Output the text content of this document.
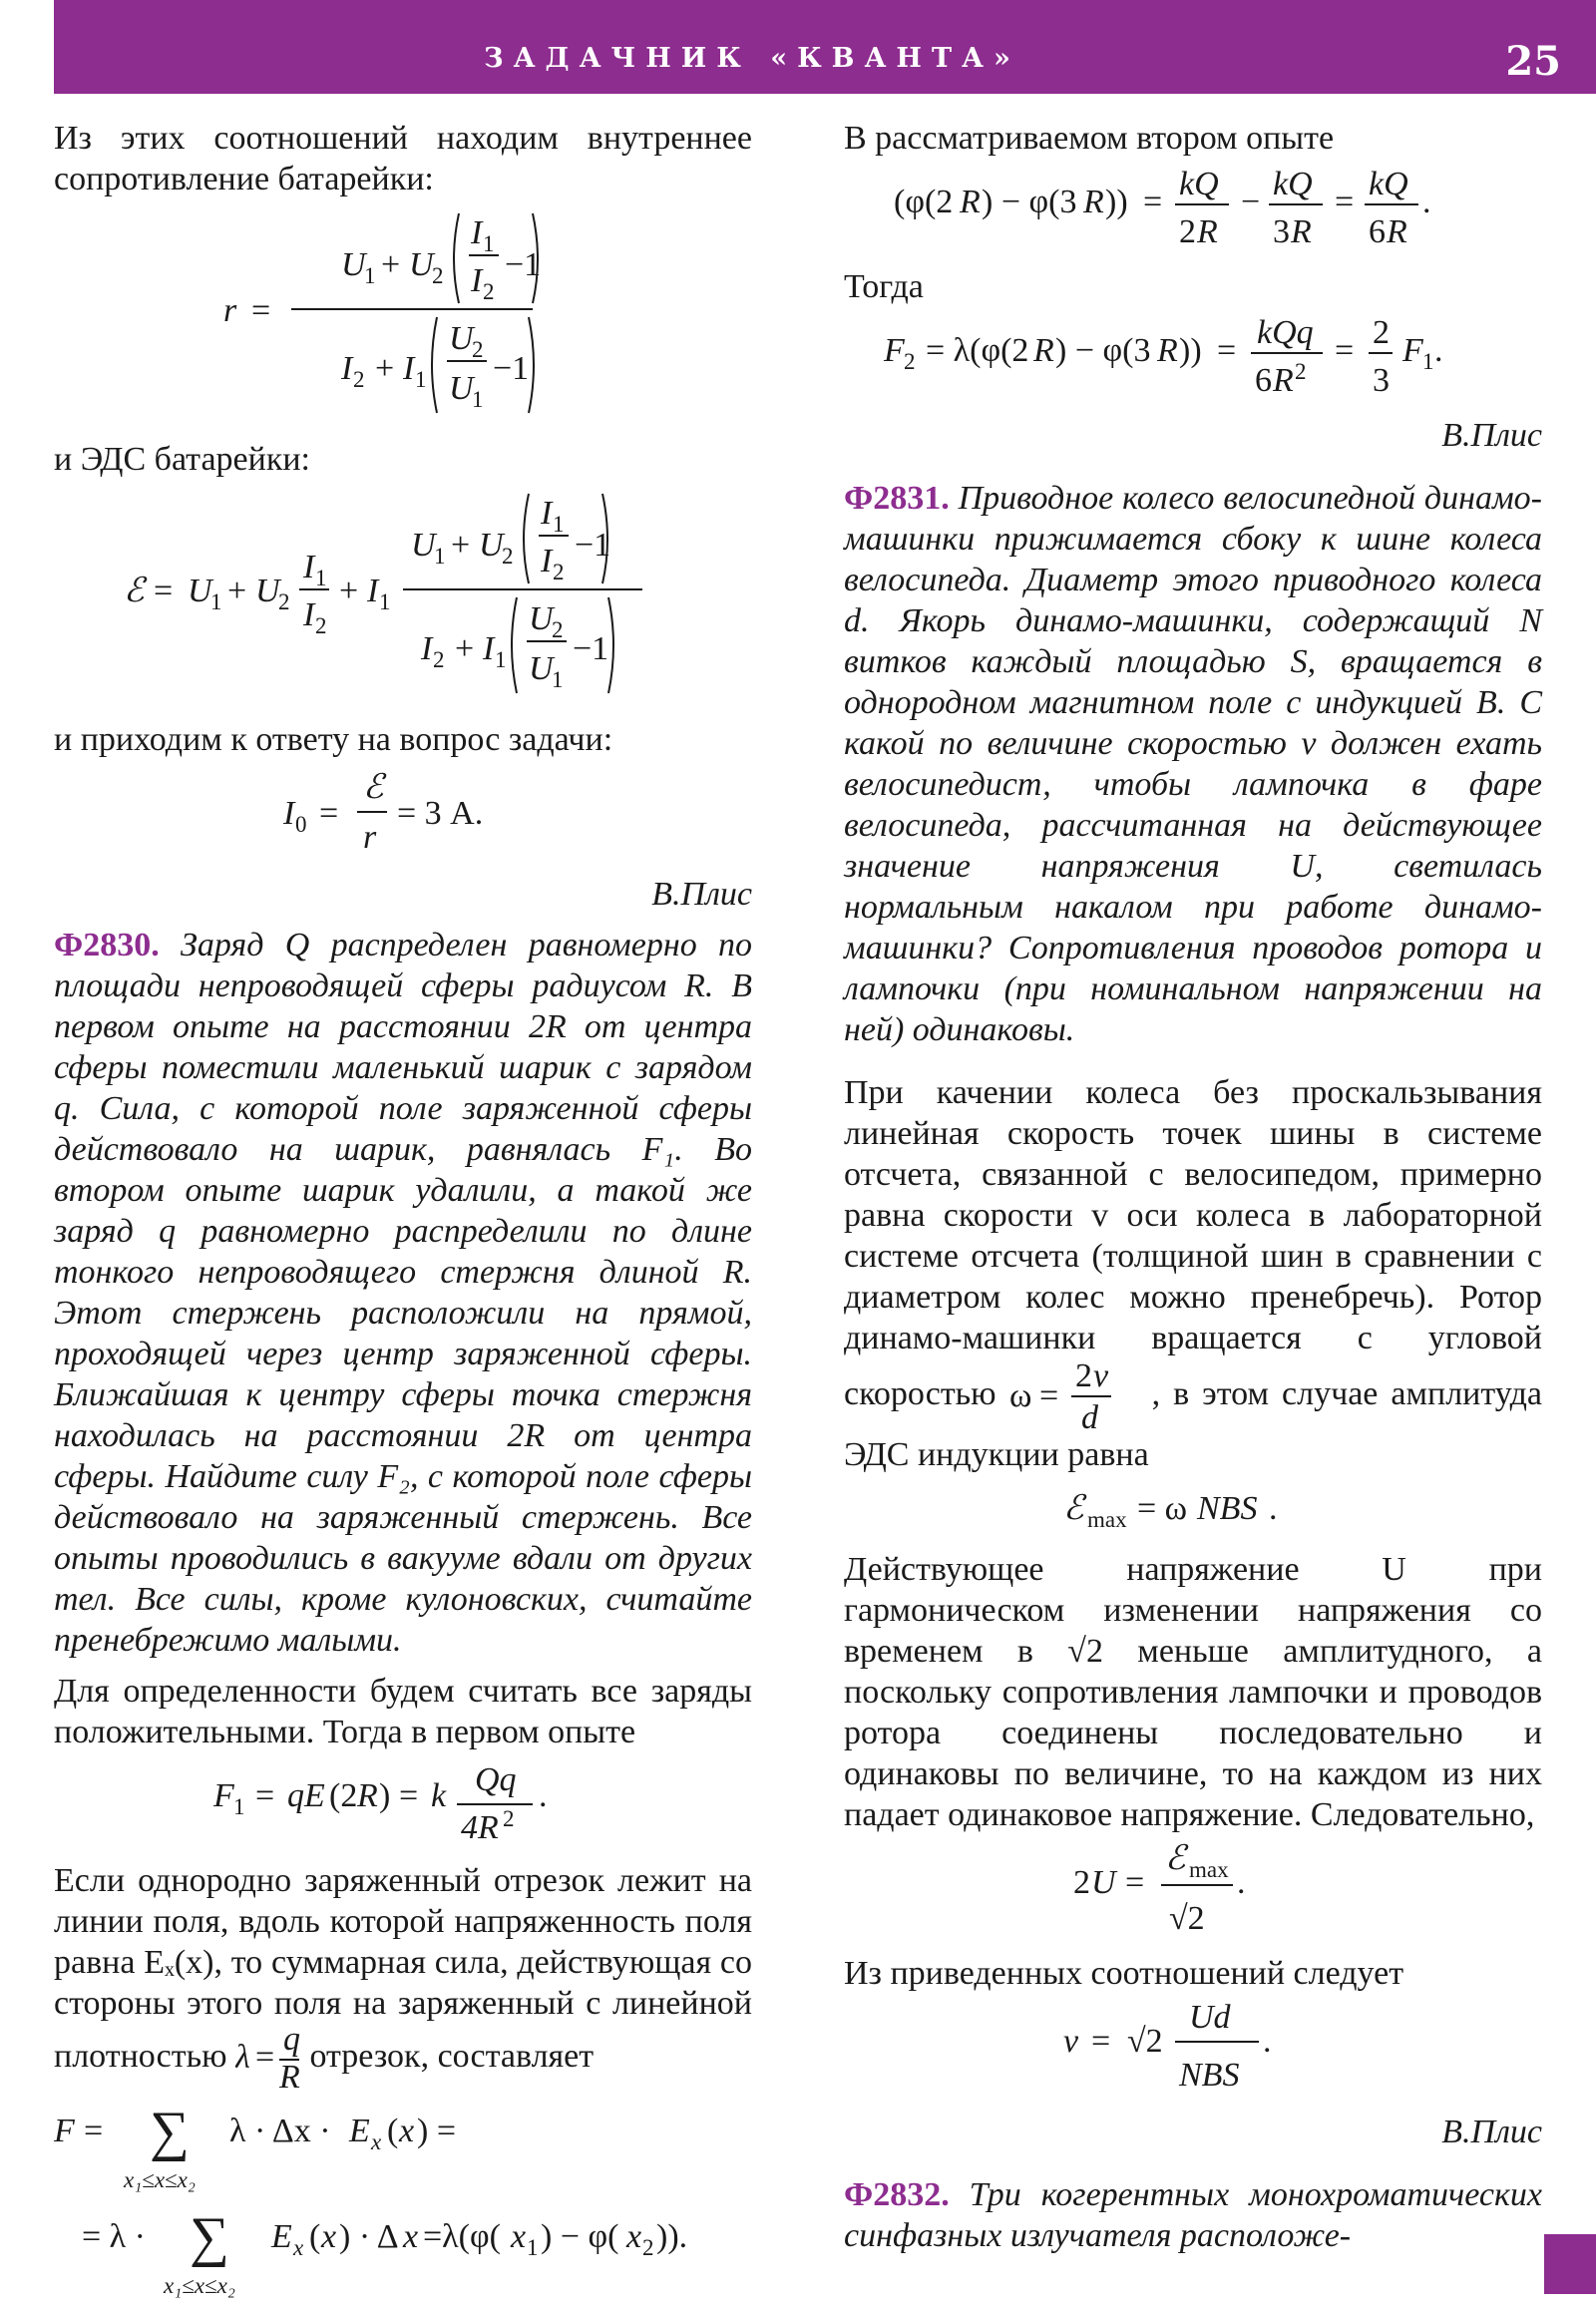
ЗАДАЧНИК «КВАНТА»	25

Из этих соотношений находим внутреннее сопротивление батарейки:

r =
U
1 + U
2
I 1
I 2
−1
I 2 + I 1
U
2
U
1
−1

и ЭДС батарейки:

ℰ = U
1 + U
2
I 1
I 2
+ I 1
U
1 + U
2
I 1
I 2
−1
I 2 + I 1
U
2
U
1
−1

и приходим к ответу на вопрос задачи:

I 0 =
ℰ
r
= 3 А.

В.Плис

Ф2830. Заряд Q распределен равномерно по площади непроводящей сферы радиусом R. В первом опыте на расстоянии 2R от центра сферы поместили маленький шарик с зарядом q. Сила, с которой поле заряженной сферы действовало на шарик, равнялась F₁. Во втором опыте шарик удалили, а такой же заряд q равномерно распределили по длине тонкого непроводящего стержня длиной R. Этот стержень расположили на прямой, проходящей через центр заряженной сферы. Ближайшая к центру сферы точка стержня находилась на расстоянии 2R от центра сферы. Найдите силу F₂, с которой поле сферы действовало на заряженный стержень. Все опыты проводились в вакууме вдали от других тел. Все силы, кроме кулоновских, считайте пренебрежимо малыми.

Для определенности будем считать все заряды положительными. Тогда в первом опыте

F 1 = qE (2 R ) = k Qq
4R 2
.

Если однородно заряженный отрезок лежит на линии поля, вдоль которой напряженность поля равна Eₓ(x), то суммарная сила, действующая со стороны этого поля на заряженный с линейной плотностью λ = q
R
отрезок, составляет

F = ∑
x₁≤x≤x₂
λ · Δx · E x ( x ) =
= λ · ∑
x₁≤x≤x₂
E x ( x ) · Δ x =λ(φ( x 1 ) − φ( x 2 )).

В рассматриваемом втором опыте

(φ(2 R ) − φ(3 R )) = kQ
2 R
− kQ
3 R
= kQ
6 R
.

Тогда

F 2 = λ(φ(2 R ) − φ(3 R )) = kQq
6 R 2
= 2
3
F 1 .

В.Плис

Ф2831. Приводное колесо велосипедной динамо-машинки прижимается сбоку к шине колеса велосипеда. Диаметр этого приводного колеса d. Якорь динамо-машинки, содержащий N витков каждый площадью S, вращается в однородном магнитном поле с индукцией B. С какой по величине скоростью v должен ехать велосипедист, чтобы лампочка в фаре велосипеда, рассчитанная на действующее значение напряжения U, светилась нормальным накалом при работе динамо-машинки? Сопротивления проводов ротора и лампочки (при номинальном напряжении на ней) одинаковы.

При качении колеса без проскальзывания линейная скорость точек шины в системе отсчета, связанной с велосипедом, примерно равна скорости v оси колеса в лабораторной системе отсчета (толщиной шин в сравнении с диаметром колес можно пренебречь). Ротор динамо-машинки вращается с угловой скоростью ω =
2 v
d
, в этом случае амплитуда ЭДС индукции равна

ℰ max = ω NBS .

Действующее напряжение U при гармоническом изменении напряжения со временем в √2 меньше амплитудного, а поскольку сопротивления лампочки и проводов ротора соединены последовательно и одинаковы по величине, то на каждом из них падает одинаковое напряжение. Следовательно,

2 U =
ℰ max
√2
.

Из приведенных соотношений следует

v = √2
Ud
NBS
.

В.Плис

Ф2832. Три когерентных монохроматических синфазных излучателя расположе-
